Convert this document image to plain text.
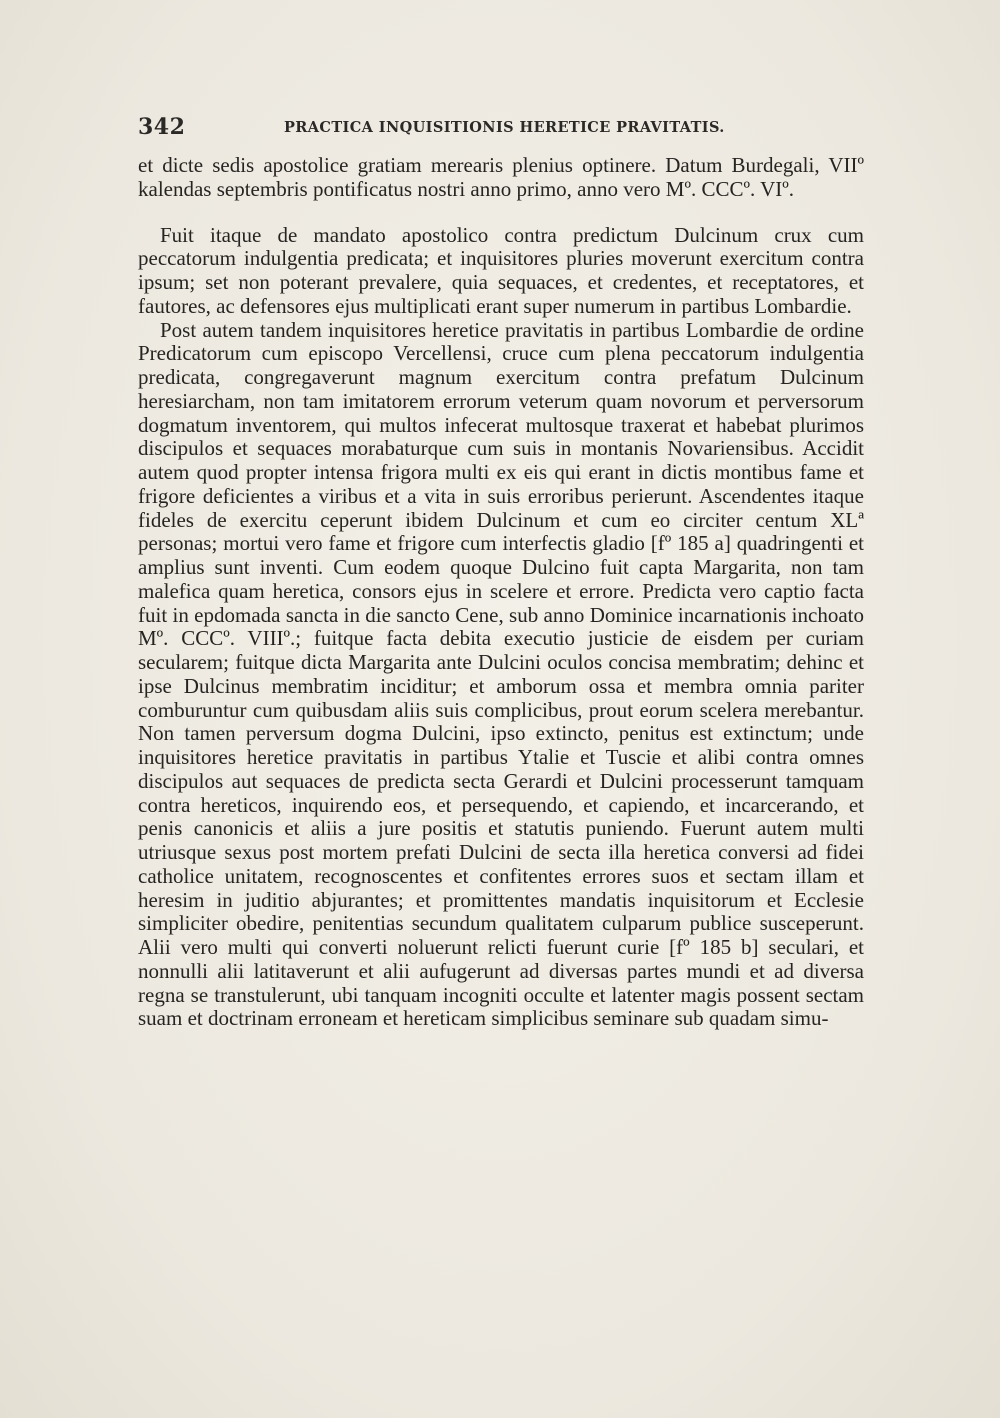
342	PRACTICA INQUISITIONIS HERETICE PRAVITATIS.

et dicte sedis apostolice gratiam merearis plenius optinere. Datum Burdegali, VIIº kalendas septembris pontificatus nostri anno primo, anno vero Mº. CCCº. VIº.

Fuit itaque de mandato apostolico contra predictum Dulcinum crux cum peccatorum indulgentia predicata; et inquisitores pluries moverunt exercitum contra ipsum; set non poterant prevalere, quia sequaces, et credentes, et receptatores, et fautores, ac defensores ejus multiplicati erant super numerum in partibus Lombardie.

Post autem tandem inquisitores heretice pravitatis in partibus Lombardie de ordine Predicatorum cum episcopo Vercellensi, cruce cum plena peccatorum indulgentia predicata, congregaverunt magnum exercitum contra prefatum Dulcinum heresiarcham, non tam imitatorem errorum veterum quam novorum et perversorum dogmatum inventorem, qui multos infecerat multosque traxerat et habebat plurimos discipulos et sequaces morabaturque cum suis in montanis Novariensibus. Accidit autem quod propter intensa frigora multi ex eis qui erant in dictis montibus fame et frigore deficientes a viribus et a vita in suis erroribus perierunt. Ascendentes itaque fideles de exercitu ceperunt ibidem Dulcinum et cum eo circiter centum XLª personas; mortui vero fame et frigore cum interfectis gladio [fº 185 a] quadringenti et amplius sunt inventi. Cum eodem quoque Dulcino fuit capta Margarita, non tam malefica quam heretica, consors ejus in scelere et errore. Predicta vero captio facta fuit in epdomada sancta in die sancto Cene, sub anno Dominice incarnationis inchoato Mº. CCCº. VIIIº.; fuitque facta debita executio justicie de eisdem per curiam secularem; fuitque dicta Margarita ante Dulcini oculos concisa membratim; dehinc et ipse Dulcinus membratim inciditur; et amborum ossa et membra omnia pariter comburuntur cum quibusdam aliis suis complicibus, prout eorum scelera merebantur. Non tamen perversum dogma Dulcini, ipso extincto, penitus est extinctum; unde inquisitores heretice pravitatis in partibus Ytalie et Tuscie et alibi contra omnes discipulos aut sequaces de predicta secta Gerardi et Dulcini processerunt tamquam contra hereticos, inquirendo eos, et persequendo, et capiendo, et incarcerando, et penis canonicis et aliis a jure positis et statutis puniendo. Fuerunt autem multi utriusque sexus post mortem prefati Dulcini de secta illa heretica conversi ad fidei catholice unitatem, recognoscentes et confitentes errores suos et sectam illam et heresim in juditio abjurantes; et promittentes mandatis inquisitorum et Ecclesie simpliciter obedire, penitentias secundum qualitatem culparum publice susceperunt. Alii vero multi qui converti noluerunt relicti fuerunt curie [fº 185 b] seculari, et nonnulli alii latitaverunt et alii aufugerunt ad diversas partes mundi et ad diversa regna se transtulerunt, ubi tanquam incogniti occulte et latenter magis possent sectam suam et doctrinam erroneam et hereticam simplicibus seminare sub quadam simu-
